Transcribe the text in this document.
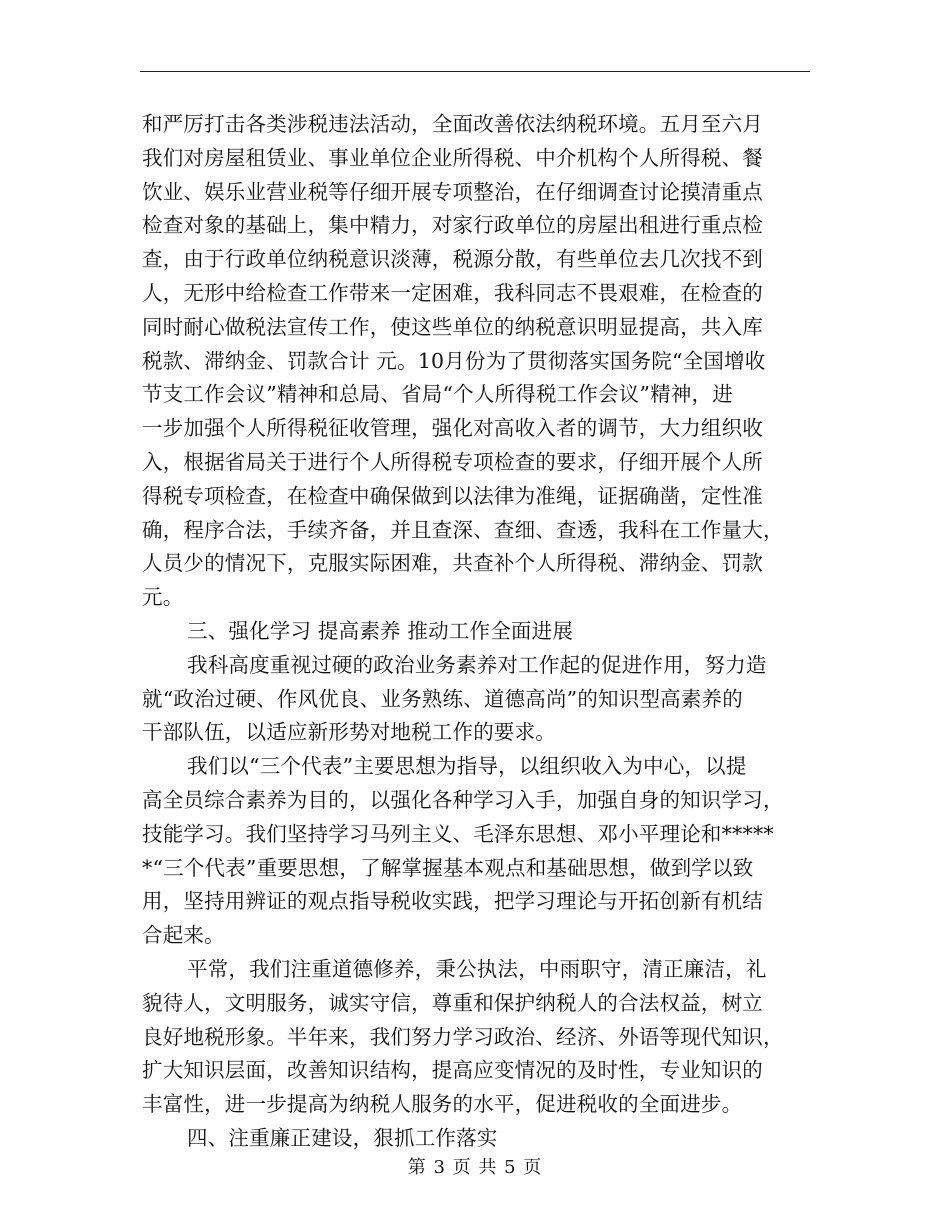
和严厉打击各类涉税违法活动，全面改善依法纳税环境。五月至六月
我们对房屋租赁业、事业单位企业所得税、中介机构个人所得税、餐
饮业、娱乐业营业税等仔细开展专项整治，在仔细调查讨论摸清重点
检查对象的基础上，集中精力，对家行政单位的房屋出租进行重点检
查，由于行政单位纳税意识淡薄，税源分散，有些单位去几次找不到
人，无形中给检查工作带来一定困难，我科同志不畏艰难，在检查的
同时耐心做税法宣传工作，使这些单位的纳税意识明显提高，共入库
税款、滞纳金、罚款合计 元。10月份为了贯彻落实国务院“全国增收
节支工作会议”精神和总局、省局“个人所得税工作会议”精神，进
一步加强个人所得税征收管理，强化对高收入者的调节，大力组织收
入，根据省局关于进行个人所得税专项检查的要求，仔细开展个人所
得税专项检查，在检查中确保做到以法律为准绳，证据确凿，定性准
确，程序合法，手续齐备，并且查深、查细、查透，我科在工作量大，
人员少的情况下，克服实际困难，共查补个人所得税、滞纳金、罚款
元。
三、强化学习 提高素养 推动工作全面进展
我科高度重视过硬的政治业务素养对工作起的促进作用，努力造
就“政治过硬、作风优良、业务熟练、道德高尚”的知识型高素养的
干部队伍，以适应新形势对地税工作的要求。
我们以“三个代表”主要思想为指导，以组织收入为中心，以提
高全员综合素养为目的，以强化各种学习入手，加强自身的知识学习，
技能学习。我们坚持学习马列主义、毛泽东思想、邓小平理论和*****
*“三个代表”重要思想，了解掌握基本观点和基础思想，做到学以致
用，坚持用辨证的观点指导税收实践，把学习理论与开拓创新有机结
合起来。
平常，我们注重道德修养，秉公执法，中雨职守，清正廉洁，礼
貌待人，文明服务，诚实守信，尊重和保护纳税人的合法权益，树立
良好地税形象。半年来，我们努力学习政治、经济、外语等现代知识，
扩大知识层面，改善知识结构，提高应变情况的及时性，专业知识的
丰富性，进一步提高为纳税人服务的水平，促进税收的全面进步。
四、注重廉正建设，狠抓工作落实
第 3 页 共 5 页
